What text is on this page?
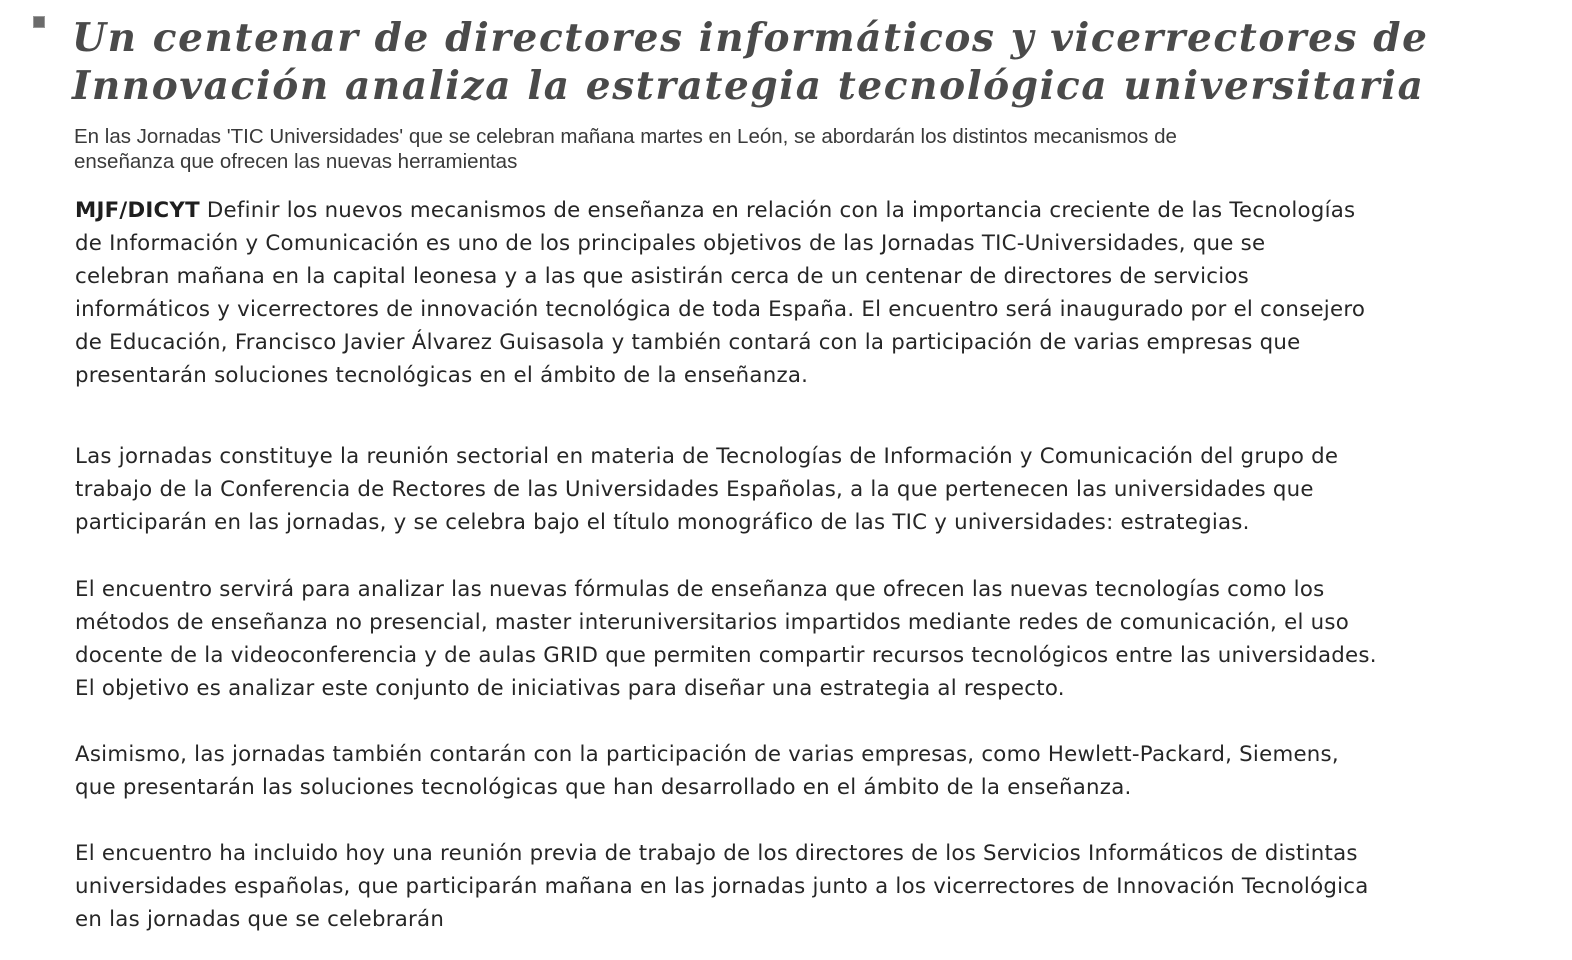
Un centenar de directores informáticos y vicerrectores de
Innovación analiza la estrategia tecnológica universitaria

En las Jornadas 'TIC Universidades' que se celebran mañana martes en León, se abordarán los distintos mecanismos de
enseñanza que ofrecen las nuevas herramientas

MJF/DICYT Definir los nuevos mecanismos de enseñanza en relación con la importancia creciente de las Tecnologías
de Información y Comunicación es uno de los principales objetivos de las Jornadas TIC-Universidades, que se
celebran mañana en la capital leonesa y a las que asistirán cerca de un centenar de directores de servicios
informáticos y vicerrectores de innovación tecnológica de toda España. El encuentro será inaugurado por el consejero
de Educación, Francisco Javier Álvarez Guisasola y también contará con la participación de varias empresas que
presentarán soluciones tecnológicas en el ámbito de la enseñanza.

Las jornadas constituye la reunión sectorial en materia de Tecnologías de Información y Comunicación del grupo de
trabajo de la Conferencia de Rectores de las Universidades Españolas, a la que pertenecen las universidades que
participarán en las jornadas, y se celebra bajo el título monográfico de las TIC y universidades: estrategias.

El encuentro servirá para analizar las nuevas fórmulas de enseñanza que ofrecen las nuevas tecnologías como los
métodos de enseñanza no presencial, master interuniversitarios impartidos mediante redes de comunicación, el uso
docente de la videoconferencia y de aulas GRID que permiten compartir recursos tecnológicos entre las universidades.
El objetivo es analizar este conjunto de iniciativas para diseñar una estrategia al respecto.

Asimismo, las jornadas también contarán con la participación de varias empresas, como Hewlett-Packard, Siemens,
que presentarán las soluciones tecnológicas que han desarrollado en el ámbito de la enseñanza.

El encuentro ha incluido hoy una reunión previa de trabajo de los directores de los Servicios Informáticos de distintas
universidades españolas, que participarán mañana en las jornadas junto a los vicerrectores de Innovación Tecnológica
en las jornadas que se celebrarán
